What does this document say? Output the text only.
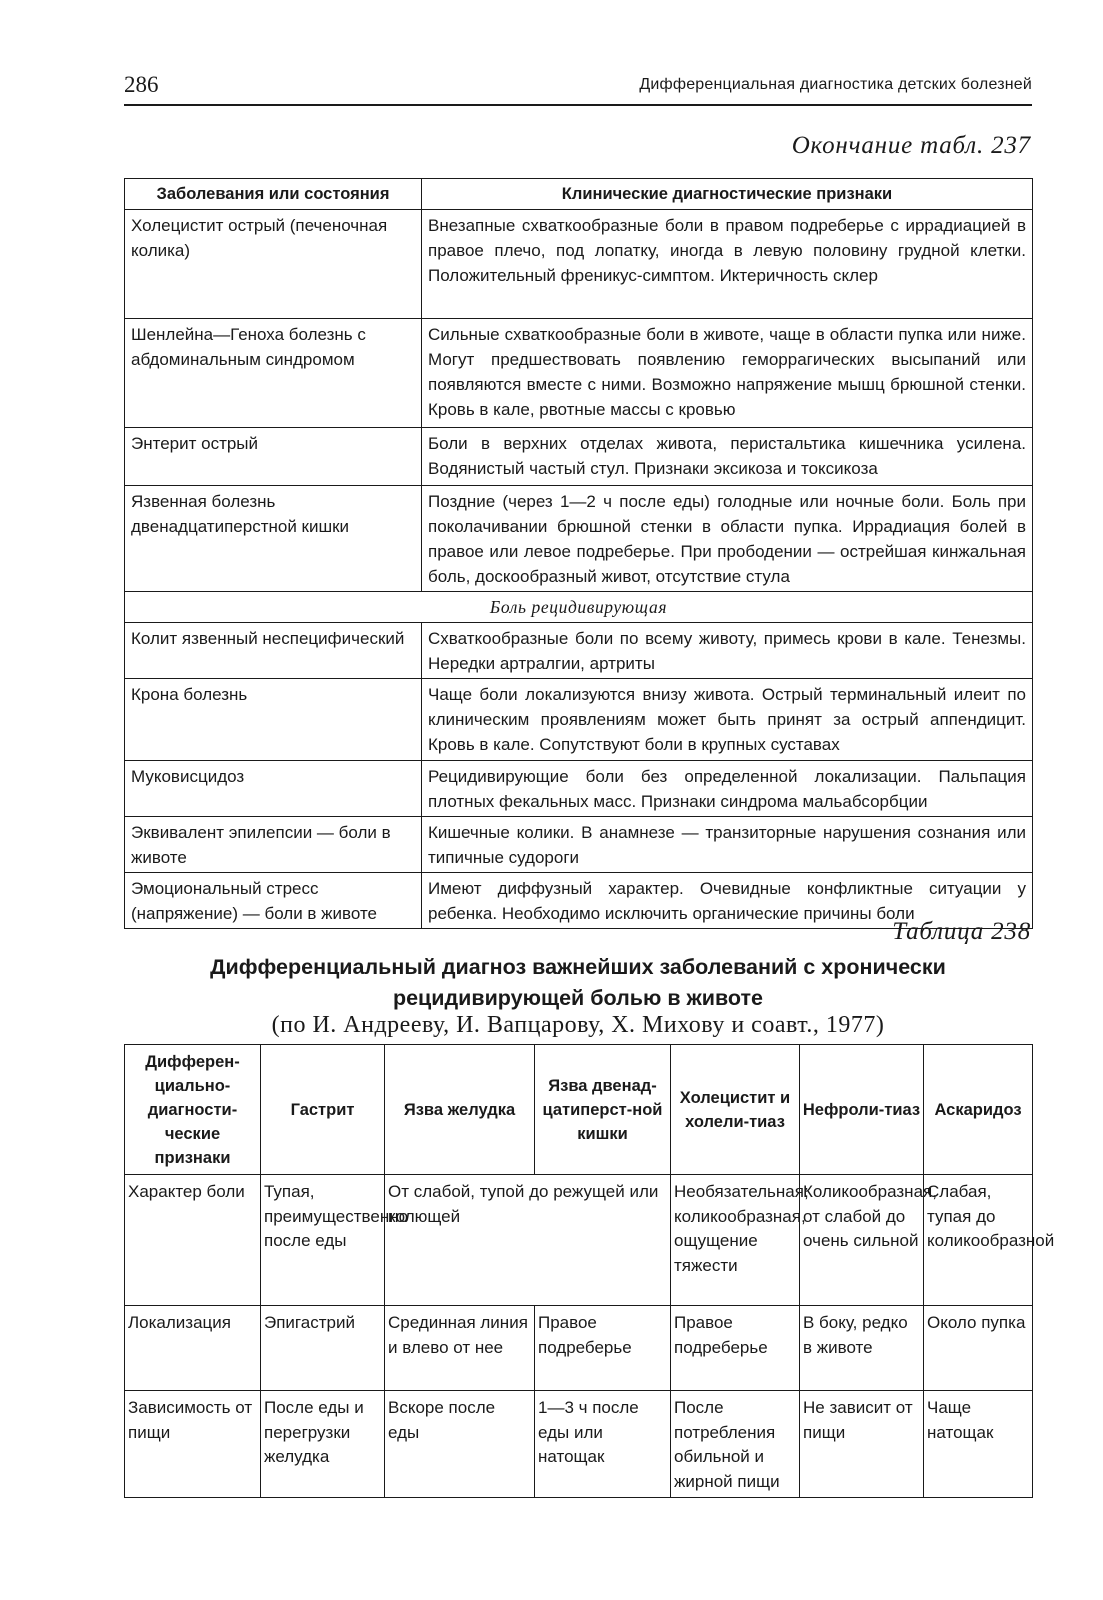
286	Дифференциальная диагностика детских болезней
Окончание табл. 237
Заболевания или состояния	Клинические диагностические признаки
Холецистит острый (печеночная колика)	Внезапные схваткообразные боли в правом подреберье с иррадиацией в правое плечо, под лопатку, иногда в левую половину грудной клетки. Положительный френикус-симптом. Иктеричность склер
Шенлейна—Геноха болезнь с абдоминальным синдромом	Сильные схваткообразные боли в животе, чаще в области пупка или ниже. Могут предшествовать появлению геморрагических высыпаний или появляются вместе с ними. Возможно напряжение мышц брюшной стенки. Кровь в кале, рвотные массы с кровью
Энтерит острый	Боли в верхних отделах живота, перистальтика кишечника усилена. Водянистый частый стул. Признаки эксикоза и токсикоза
Язвенная болезнь двенадцатиперстной кишки	Поздние (через 1—2 ч после еды) голодные или ночные боли. Боль при поколачивании брюшной стенки в области пупка. Иррадиация болей в правое или левое подреберье. При прободении — острейшая кинжальная боль, доскообразный живот, отсутствие стула
Боль рецидивирующая	
Колит язвенный неспецифический	Схваткообразные боли по всему животу, примесь крови в кале. Тенезмы. Нередки артралгии, артриты
Крона болезнь	Чаще боли локализуются внизу живота. Острый терминальный илеит по клиническим проявлениям может быть принят за острый аппендицит. Кровь в кале. Сопутствуют боли в крупных суставах
Муковисцидоз	Рецидивирующие боли без определенной локализации. Пальпация плотных фекальных масс. Признаки синдрома мальабсорбции
Эквивалент эпилепсии — боли в животе	Кишечные колики. В анамнезе — транзиторные нарушения сознания или типичные судороги
Эмоциональный стресс (напряжение) — боли в животе	Имеют диффузный характер. Очевидные конфликтные ситуации у ребенка. Необходимо исключить органические причины боли
Таблица 238
Дифференциальный диагноз важнейших заболеваний с хронически рецидивирующей болью в животе
(по И. Андрееву, И. Вапцарову, Х. Михову и соавт., 1977)
Дифферен-циально-диагности-ческие признаки	Гастрит	Язва желудка	Язва двенад-цатиперст-ной кишки	Холецистит и холели-тиаз	Нефроли-тиаз	Аскаридоз
Характер боли	Тупая, преимущественно после еды	От слабой, тупой до режущей или колющей		Необязательная; коликообразная, ощущение тяжести	Коликообразная, от слабой до очень сильной	Слабая, тупая до коликообразной
Локализация	Эпигастрий	Срединная линия и влево от нее	Правое подреберье	Правое подреберье	В боку, редко в животе	Около пупка
Зависимость от пищи	После еды и перегрузки желудка	Вскоре после еды	1—3 ч после еды или натощак	После потребления обильной и жирной пищи	Не зависит от пищи	Чаще натощак
